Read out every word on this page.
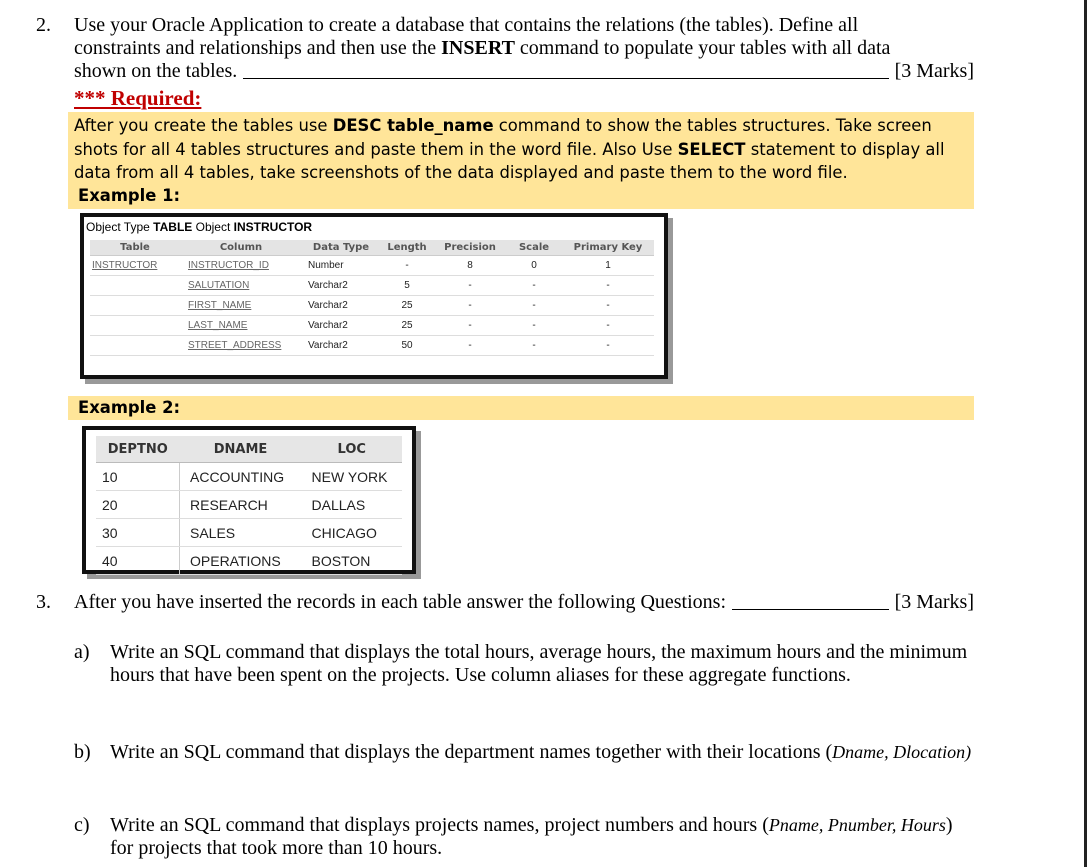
2. Use your Oracle Application to create a database that contains the relations (the tables). Define all
constraints and relationships and then use the INSERT command to populate your tables with all data
shown on the tables.	[3 Marks]
*** Required:
After you create the tables use DESC table_name command to show the tables structures. Take screen shots for all 4 tables structures and paste them in the word file. Also Use SELECT statement to display all data from all 4 tables, take screenshots of the data displayed and paste them to the word file.
Example 1:
Object Type TABLE Object INSTRUCTOR
Table	Column	Data Type	Length	Precision	Scale	Primary Key
INSTRUCTOR	INSTRUCTOR_ID	Number	-	8	0	1
	SALUTATION	Varchar2	5	-	-	-
	FIRST_NAME	Varchar2	25	-	-	-
	LAST_NAME	Varchar2	25	-	-	-
	STREET_ADDRESS	Varchar2	50	-	-	-
Example 2:
DEPTNO	DNAME	LOC
10	ACCOUNTING	NEW YORK
20	RESEARCH	DALLAS
30	SALES	CHICAGO
40	OPERATIONS	BOSTON
3. After you have inserted the records in each table answer the following Questions:	[3 Marks]
a) Write an SQL command that displays the total hours, average hours, the maximum hours and the minimum hours that have been spent on the projects. Use column aliases for these aggregate functions.
b) Write an SQL command that displays the department names together with their locations (Dname, Dlocation)
c) Write an SQL command that displays projects names, project numbers and hours (Pname, Pnumber, Hours) for projects that took more than 10 hours.
